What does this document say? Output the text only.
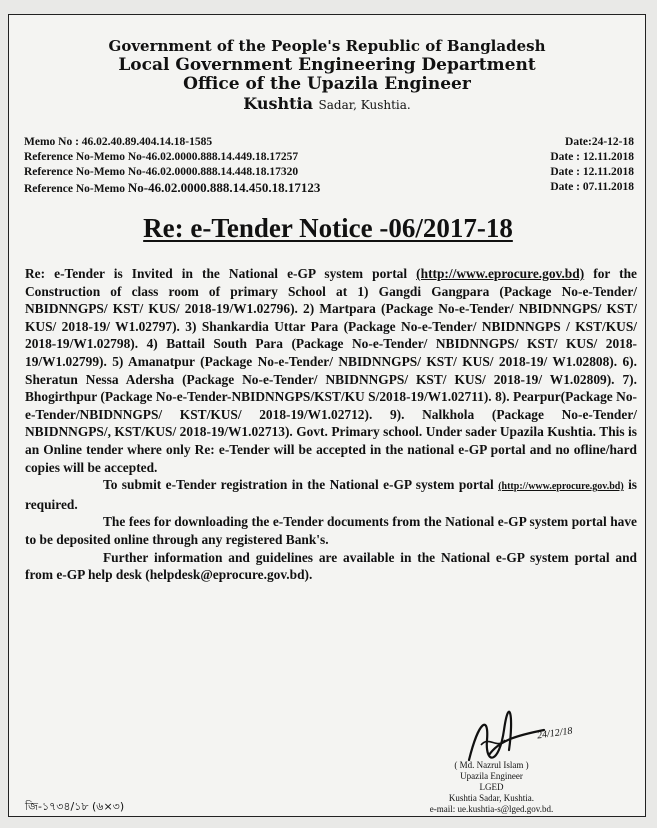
Government of the People's Republic of Bangladesh
Local Government Engineering Department
Office of the Upazila Engineer
Kushtia Sadar, Kushtia.
Memo No : 46.02.40.89.404.14.18-1585	Date:24-12-18
Reference No-Memo No-46.02.0000.888.14.449.18.17257	Date : 12.11.2018
Reference No-Memo No-46.02.0000.888.14.448.18.17320	Date : 12.11.2018
Reference No-Memo No-46.02.0000.888.14.450.18.17123	Date : 07.11.2018
Re: e-Tender Notice -06/2017-18

Re: e-Tender is Invited in the National e-GP system portal (http://www.eprocure.gov.bd) for the Construction of class room of primary School at 1) Gangdi Gangpara (Package No-e-Tender/ NBIDNNGPS/ KST/ KUS/ 2018-19/W1.02796). 2) Martpara (Package No-e-Tender/ NBIDNNGPS/ KST/ KUS/ 2018-19/ W1.02797). 3) Shankardia Uttar Para (Package No-e-Tender/ NBIDNNGPS / KST/KUS/ 2018-19/W1.02798). 4) Battail South Para (Package No-e-Tender/ NBIDNNGPS/ KST/ KUS/ 2018-19/W1.02799). 5) Amanatpur (Package No-e-Tender/ NBIDNNGPS/ KST/ KUS/ 2018-19/ W1.02808). 6). Sheratun Nessa Adersha (Package No-e-Tender/ NBIDNNGPS/ KST/ KUS/ 2018-19/ W1.02809). 7). Bhogirthpur (Package No-e-Tender-NBIDNNGPS/KST/KU S/2018-19/W1.02711). 8). Pearpur(Package No-e-Tender/NBIDNNGPS/ KST/KUS/ 2018-19/W1.02712). 9). Nalkhola (Package No-e-Tender/ NBIDNNGPS/, KST/KUS/ 2018-19/W1.02713). Govt. Primary school. Under sader Upazila Kushtia. This is an Online tender where only Re: e-Tender will be accepted in the national e-GP portal and no ofline/hard copies will be accepted.

To submit e-Tender registration in the National e-GP system portal (http://www.eprocure.gov.bd) is required.

The fees for downloading the e-Tender documents from the National e-GP system portal have to be deposited online through any registered Bank's.

Further information and guidelines are available in the National e-GP system portal and from e-GP help desk (helpdesk@eprocure.gov.bd).

24/12/18
( Md. Nazrul Islam )
Upazila Engineer
LGED
Kushtia Sadar, Kushtia.
e-mail: ue.kushtia-s@lged.gov.bd.
জি-১৭৩৪/১৮ (৬×৩)
